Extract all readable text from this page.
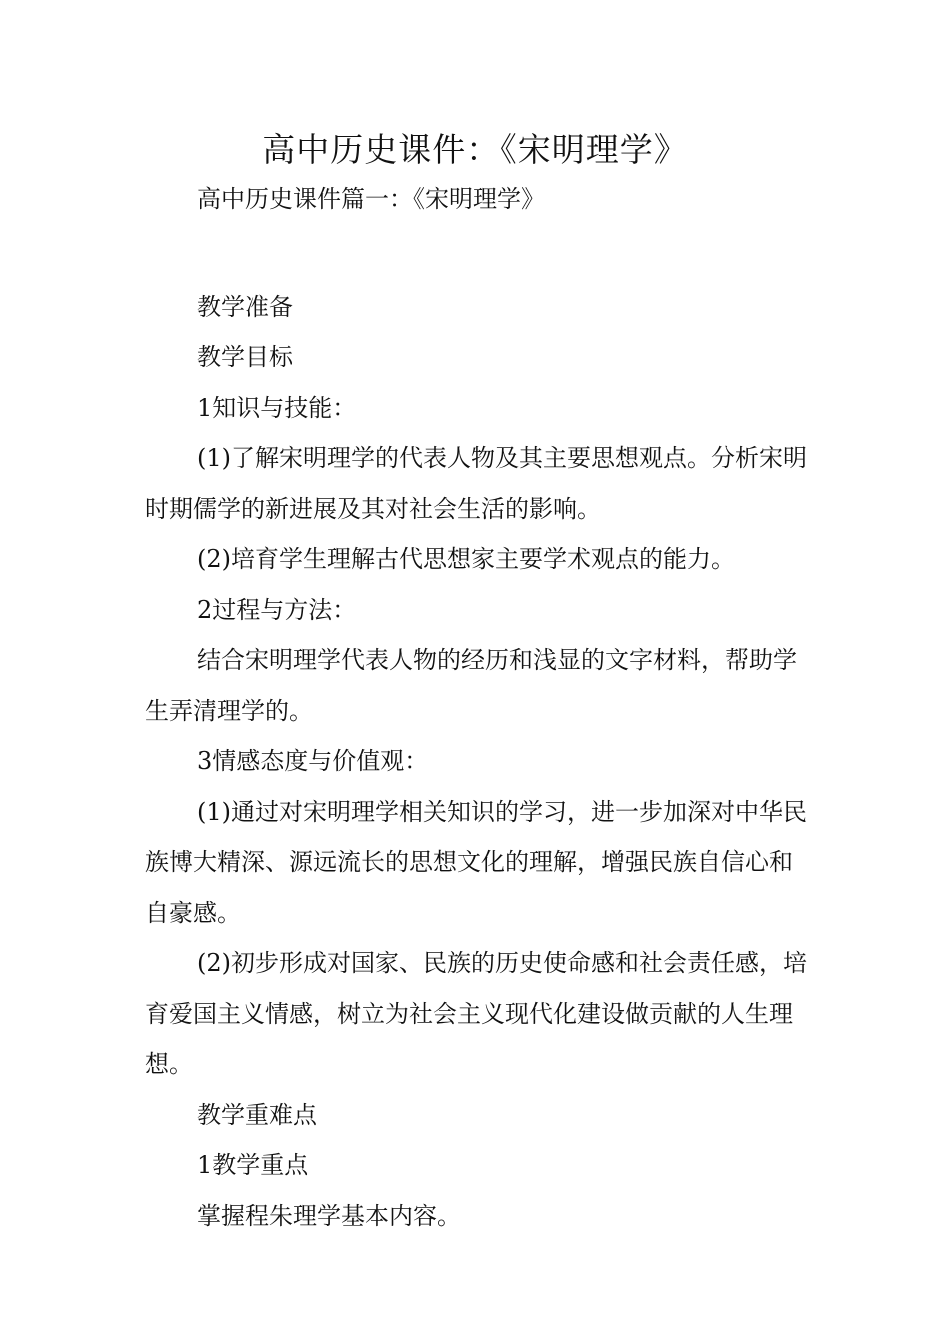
高中历史课件：《宋明理学》

高中历史课件篇一：《宋明理学》

教学准备

教学目标

1知识与技能：

(1)了解宋明理学的代表人物及其主要思想观点。分析宋明时期儒学的新进展及其对社会生活的影响。

(2)培育学生理解古代思想家主要学术观点的能力。

2过程与方法：

结合宋明理学代表人物的经历和浅显的文字材料，帮助学生弄清理学的。

3情感态度与价值观：

(1)通过对宋明理学相关知识的学习，进一步加深对中华民族博大精深、源远流长的思想文化的理解，增强民族自信心和自豪感。

(2)初步形成对国家、民族的历史使命感和社会责任感，培育爱国主义情感，树立为社会主义现代化建设做贡献的人生理想。

教学重难点

1教学重点

掌握程朱理学基本内容。
